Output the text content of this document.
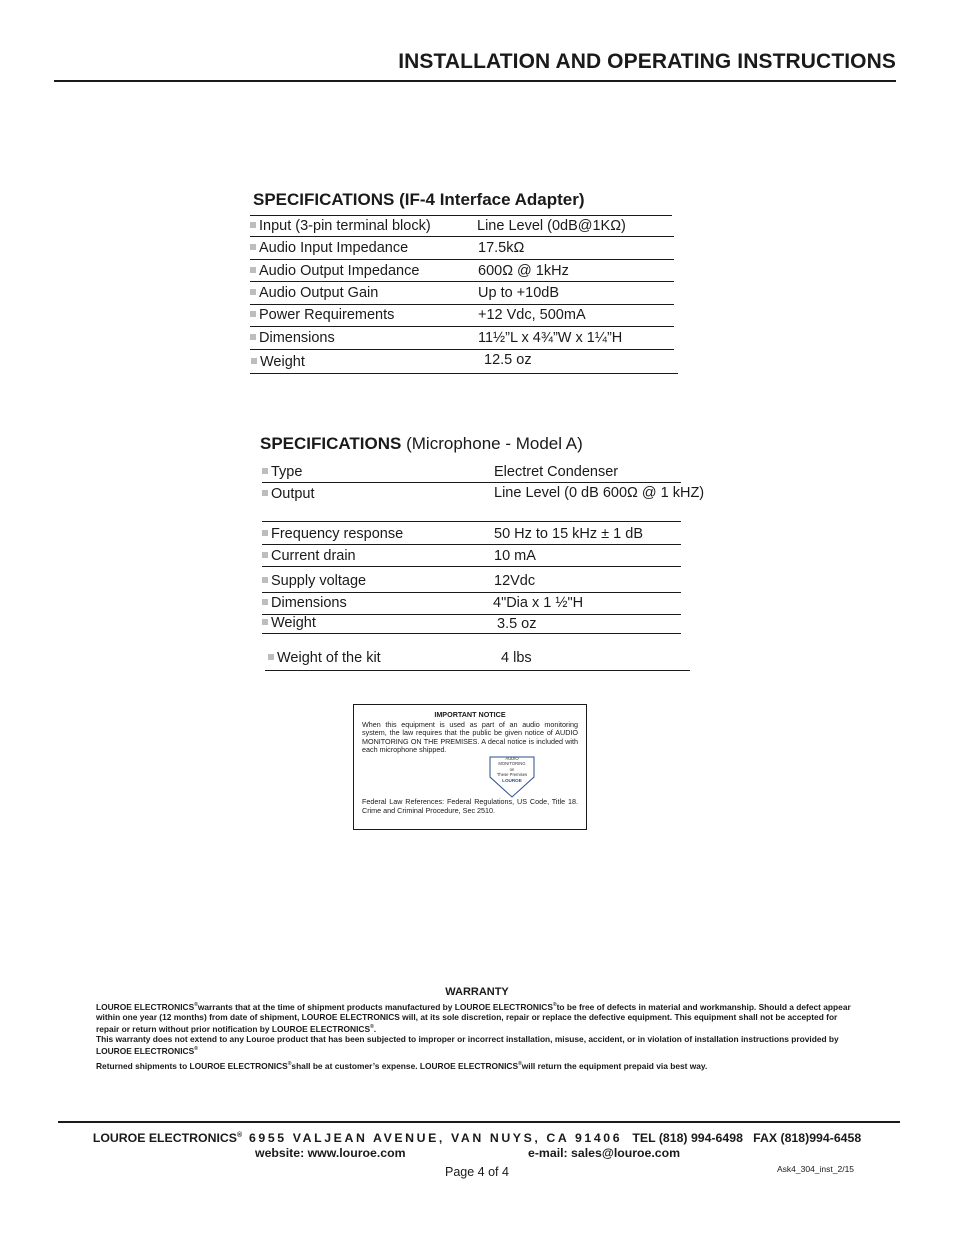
INSTALLATION AND OPERATING INSTRUCTIONS
SPECIFICATIONS (IF-4 Interface Adapter)
Input (3-pin terminal block)	Line Level (0dB@1KΩ)
Audio Input Impedance	17.5kΩ
Audio Output Impedance	600Ω @ 1kHz
Audio Output Gain	Up to +10dB
Power Requirements	+12 Vdc, 500mA
Dimensions	11½”L x 4¾”W x 1¼”H
Weight	12.5 oz
SPECIFICATIONS (Microphone - Model A)
Type	Electret Condenser
Output	Line Level (0 dB 600Ω @ 1 kHZ)
Frequency response	50 Hz to 15 kHz ± 1 dB
Current drain	10 mA
Supply voltage	12Vdc
Dimensions	4"Dia x 1 ½"H
Weight	3.5 oz
Weight of the kit	4 lbs
IMPORTANT NOTICE
When this equipment is used as part of an audio monitoring system, the law requires that the public be given notice of AUDIO MONITORING ON THE PREMISES. A decal notice is included with each microphone shipped.
AUDIO
MONITORING
on
These Premises
LOUROE
Federal Law References: Federal Regulations, US Code, Title 18. Crime and Criminal Procedure, Sec 2510.
WARRANTY
LOUROE ELECTRONICS®warrants that at the time of shipment products manufactured by LOUROE ELECTRONICS®to be free of defects in material and workmanship. Should a defect appear within one year (12 months) from date of shipment, LOUROE ELECTRONICS will, at its sole discretion, repair or replace the defective equipment. This equipment shall not be accepted for repair or return without prior notification by LOUROE ELECTRONICS®.
This warranty does not extend to any Louroe product that has been subjected to improper or incorrect installation, misuse, accident, or in violation of installation instructions provided by LOUROE ELECTRONICS®
Returned shipments to LOUROE ELECTRONICS®shall be at customer’s expense. LOUROE ELECTRONICS®will return the equipment prepaid via best way.
LOUROE ELECTRONICS® 6955 VALJEAN AVENUE, VAN NUYS, CA 91406 TEL (818) 994-6498 FAX (818)994-6458
website: www.louroe.com	e-mail: sales@louroe.com
Page 4 of 4	Ask4_304_inst_2/15
